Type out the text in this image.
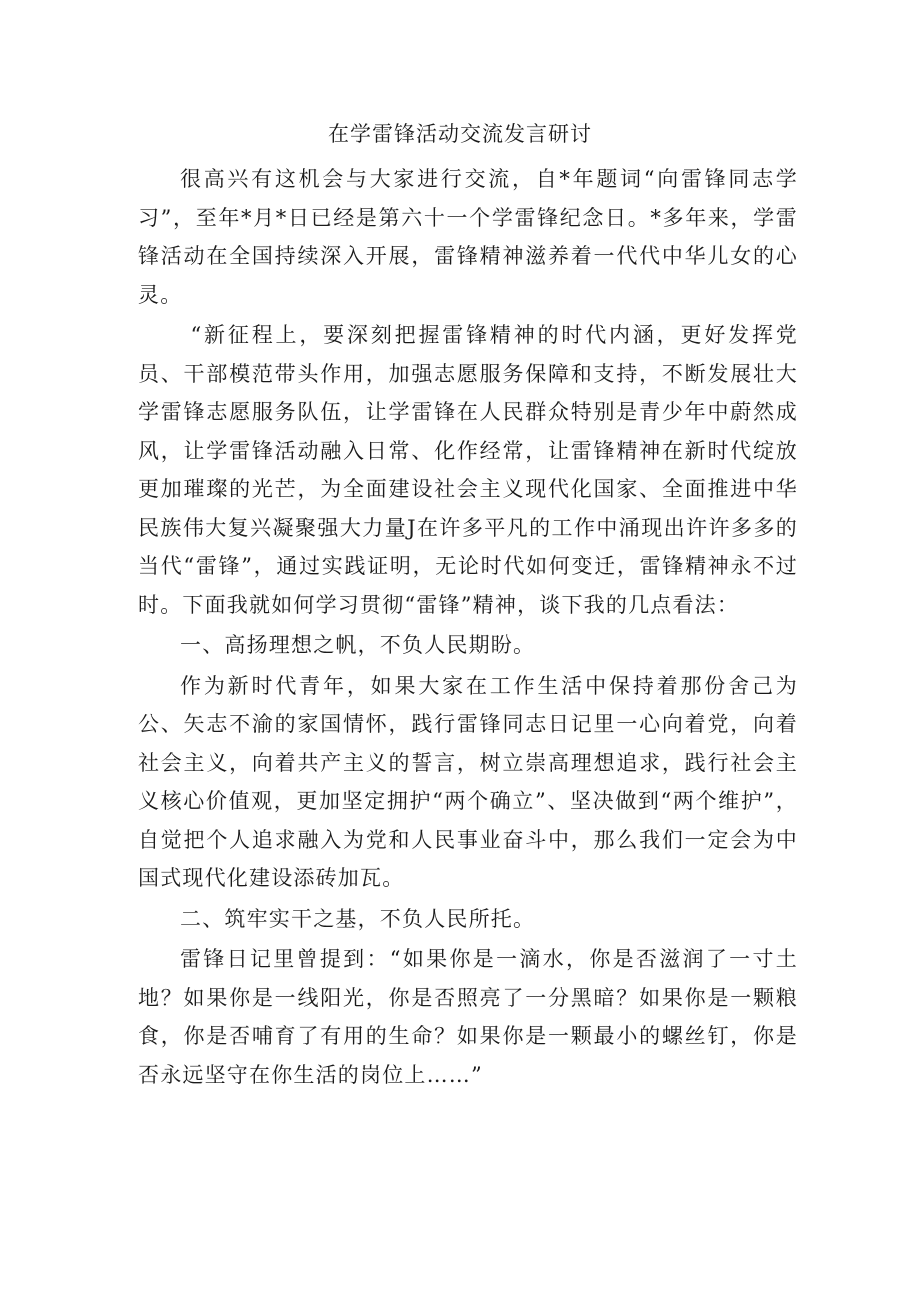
在学雷锋活动交流发言研讨

很高兴有这机会与大家进行交流，自*年题词“向雷锋同志学习”，至年*月*日已经是第六十一个学雷锋纪念日。*多年来，学雷锋活动在全国持续深入开展，雷锋精神滋养着一代代中华儿女的心灵。

“新征程上，要深刻把握雷锋精神的时代内涵，更好发挥党员、干部模范带头作用，加强志愿服务保障和支持，不断发展壮大学雷锋志愿服务队伍，让学雷锋在人民群众特别是青少年中蔚然成风，让学雷锋活动融入日常、化作经常，让雷锋精神在新时代绽放更加璀璨的光芒，为全面建设社会主义现代化国家、全面推进中华民族伟大复兴凝聚强大力量J在许多平凡的工作中涌现出许许多多的当代“雷锋”，通过实践证明，无论时代如何变迁，雷锋精神永不过时。下面我就如何学习贯彻“雷锋”精神，谈下我的几点看法：

一、高扬理想之帆，不负人民期盼。

作为新时代青年，如果大家在工作生活中保持着那份舍己为公、矢志不渝的家国情怀，践行雷锋同志日记里一心向着党，向着社会主义，向着共产主义的誓言，树立崇高理想追求，践行社会主义核心价值观，更加坚定拥护“两个确立”、坚决做到“两个维护”，自觉把个人追求融入为党和人民事业奋斗中，那么我们一定会为中国式现代化建设添砖加瓦。

二、筑牢实干之基，不负人民所托。

雷锋日记里曾提到：“如果你是一滴水，你是否滋润了一寸土地？如果你是一线阳光，你是否照亮了一分黑暗？如果你是一颗粮食，你是否哺育了有用的生命？如果你是一颗最小的螺丝钉，你是否永远坚守在你生活的岗位上……”
